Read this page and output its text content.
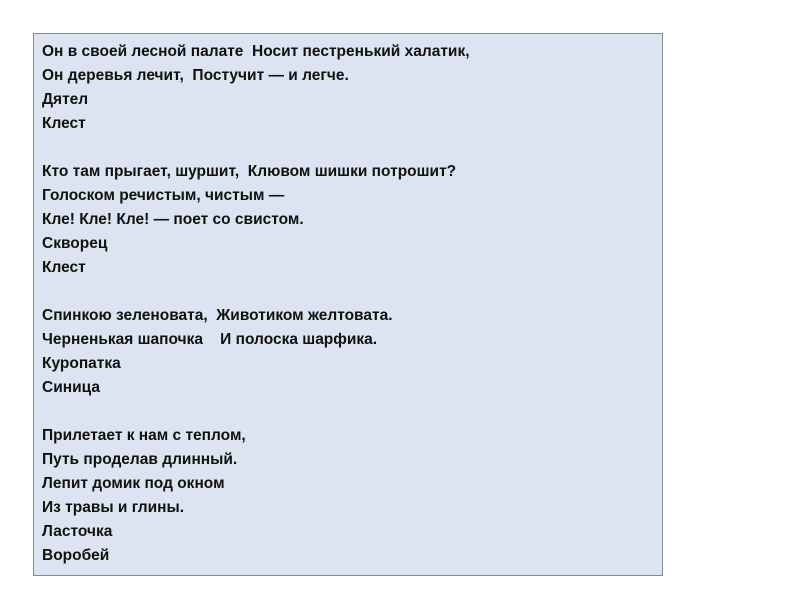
Он в своей лесной палате  Носит пестренький халатик,
Он деревья лечит,  Постучит — и легче.
Дятел
Клест
Кто там прыгает, шуршит,  Клювом шишки потрошит?
Голоском речистым, чистым —
Кле! Кле! Кле! — поет со свистом.
Скворец
Клест
Спинкою зеленовата,  Животиком желтовата.
Черненькая шапочка    И полоска шарфика.
Куропатка
Синица
Прилетает к нам с теплом,
Путь проделав длинный.
Лепит домик под окном
Из травы и глины.
Ласточка
Воробей
